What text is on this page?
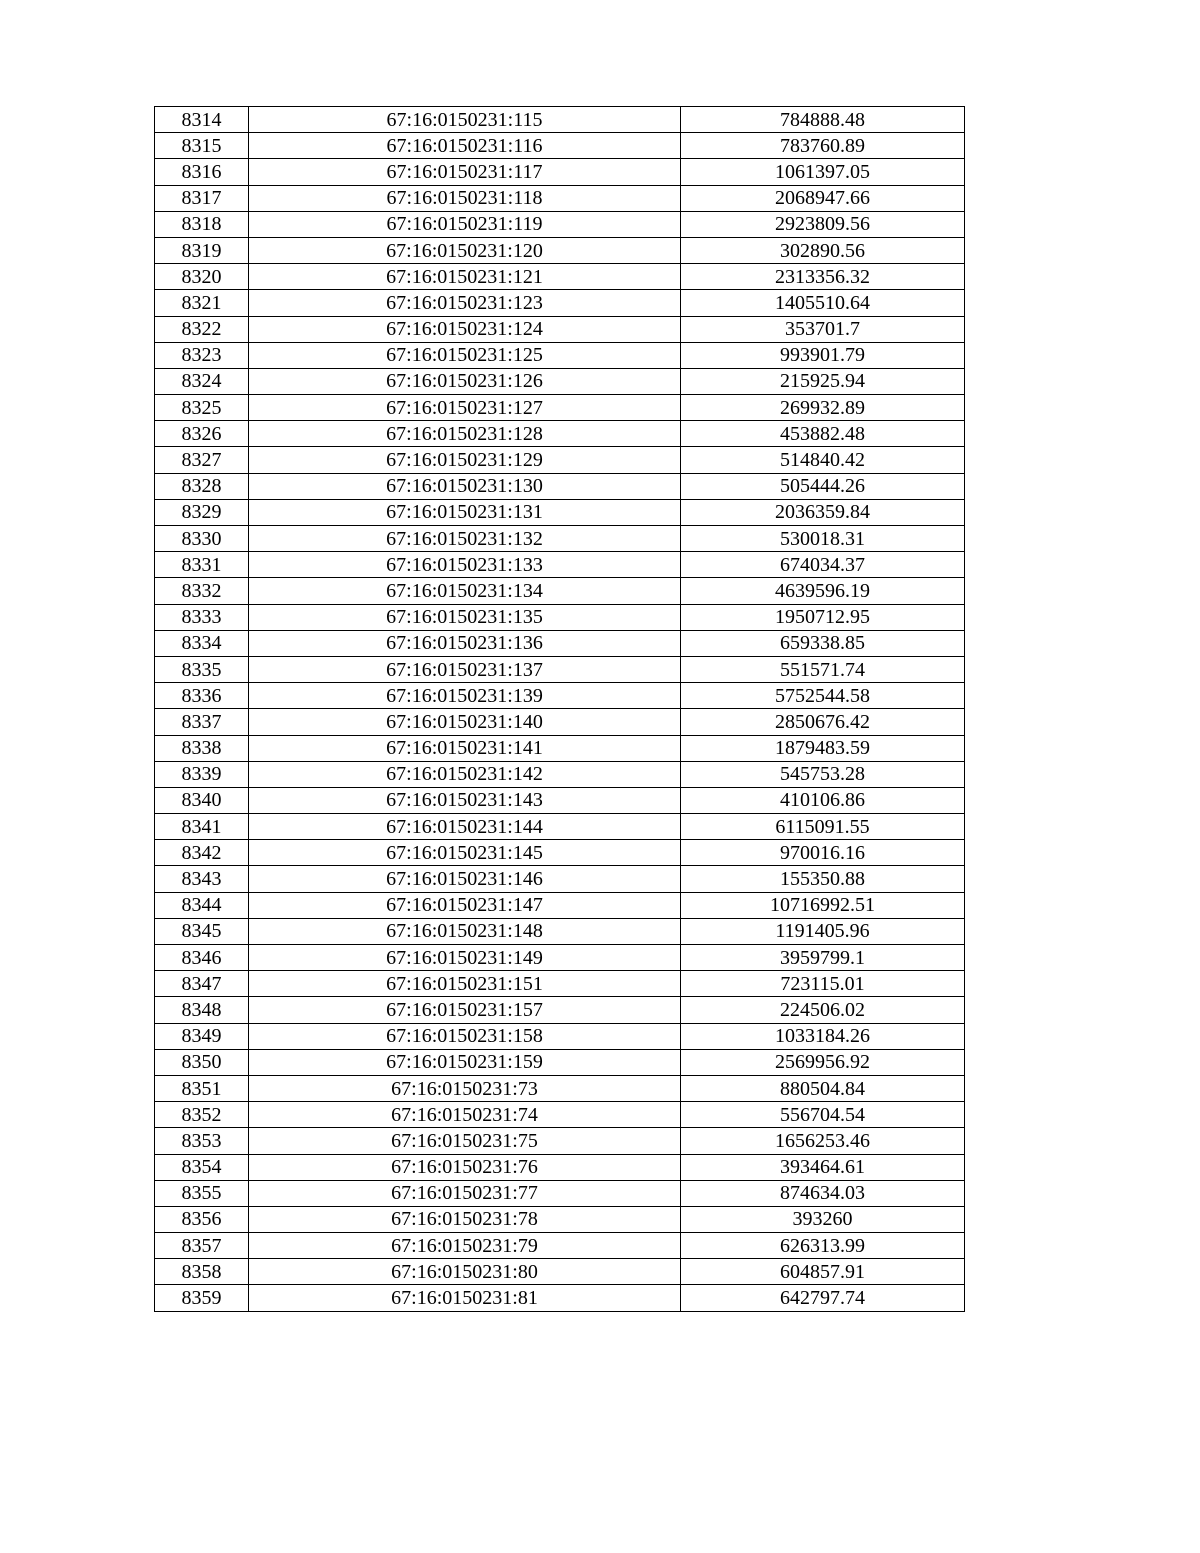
8314	67:16:0150231:115	784888.48
8315	67:16:0150231:116	783760.89
8316	67:16:0150231:117	1061397.05
8317	67:16:0150231:118	2068947.66
8318	67:16:0150231:119	2923809.56
8319	67:16:0150231:120	302890.56
8320	67:16:0150231:121	2313356.32
8321	67:16:0150231:123	1405510.64
8322	67:16:0150231:124	353701.7
8323	67:16:0150231:125	993901.79
8324	67:16:0150231:126	215925.94
8325	67:16:0150231:127	269932.89
8326	67:16:0150231:128	453882.48
8327	67:16:0150231:129	514840.42
8328	67:16:0150231:130	505444.26
8329	67:16:0150231:131	2036359.84
8330	67:16:0150231:132	530018.31
8331	67:16:0150231:133	674034.37
8332	67:16:0150231:134	4639596.19
8333	67:16:0150231:135	1950712.95
8334	67:16:0150231:136	659338.85
8335	67:16:0150231:137	551571.74
8336	67:16:0150231:139	5752544.58
8337	67:16:0150231:140	2850676.42
8338	67:16:0150231:141	1879483.59
8339	67:16:0150231:142	545753.28
8340	67:16:0150231:143	410106.86
8341	67:16:0150231:144	6115091.55
8342	67:16:0150231:145	970016.16
8343	67:16:0150231:146	155350.88
8344	67:16:0150231:147	10716992.51
8345	67:16:0150231:148	1191405.96
8346	67:16:0150231:149	3959799.1
8347	67:16:0150231:151	723115.01
8348	67:16:0150231:157	224506.02
8349	67:16:0150231:158	1033184.26
8350	67:16:0150231:159	2569956.92
8351	67:16:0150231:73	880504.84
8352	67:16:0150231:74	556704.54
8353	67:16:0150231:75	1656253.46
8354	67:16:0150231:76	393464.61
8355	67:16:0150231:77	874634.03
8356	67:16:0150231:78	393260
8357	67:16:0150231:79	626313.99
8358	67:16:0150231:80	604857.91
8359	67:16:0150231:81	642797.74
